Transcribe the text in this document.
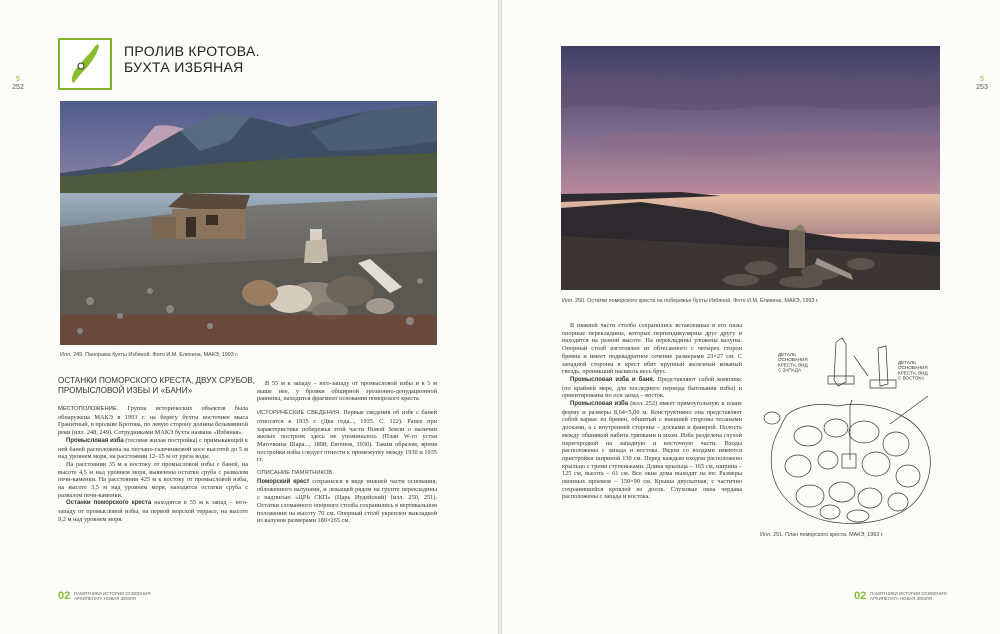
5
252
ПРОЛИВ КРОТОВА.
БУХТА ИЗБЯНАЯ
Илл. 249. Панорама бухты Избяной. Фото И.М. Елихина, МАКЭ, 1993 г.
ОСТАНКИ ПОМОРСКОГО КРЕСТА, ДВУХ СРУБОВ, ПРОМЫСЛОВОЙ ИЗБЫ И «БАНИ»

МЕСТОПОЛОЖЕНИЕ. Группа исторических объектов была обнаружена МАКЭ в 1993 г. на берегу бухты восточнее мыса Гранитный, в проливе Кротова, по левую сторону долины безымянной реки (илл. 248, 249). Сотрудниками МАКЭ бухта названа «Избяная».

Промысловая изба (тесовая жилая постройка) с примыкающей к ней баней расположена на песчано-галечниковой косе высотой до 5 м над уровнем моря, на расстоянии 12–15 м от уреза воды.

На расстоянии 35 м к востоку от промысловой избы с баней, на высоте 4,5 м над уровнем моря, выявлены остатки сруба с развалом печи-каменки. На расстоянии 425 м к востоку от промысловой избы, на высоте 3,5 м над уровнем моря, находятся остатки сруба с развалом печи-каменки.

Останки поморского креста находятся в 55 м к запад – юго-западу от промысловой избы, на первой морской террасе, на высоте 9,2 м над уровнем моря.

В 55 м к западу – юго-западу от промысловой избы и в 5 м выше нее, у бровки обширной эрозионно-денудационной равнины, находится фрагмент основания поморского креста.

ИСТОРИЧЕСКИЕ СВЕДЕНИЯ. Первые сведения об избе с баней относятся к 1935 г. (Два года..., 1935. С. 122). Ранее при характеристике побережья этой части Новой Земли о наличии жилых построек здесь не упоминалось (План W-го устья Маточкина Шара..., 1898; Евгенов, 1930). Таким образом, время постройки избы следует отнести к промежутку между 1930 и 1935 гг.

ОПИСАНИЕ ПАМЯТНИКОВ.

Поморский крест сохранился в виде нижней части основания, обложенного валунами, и лежащей рядом на грунте перекладины с надписью «ЦРЬ СКП» (Царь Иудейский) (илл. 250, 251). Остатки сломанного опорного столба сохранились в вертикальном положении на высоту 70 см. Опорный столб укреплен выкладкой из валунов размерами 180×265 см.

02 ПАМЯТНИКИ ИСТОРИИ ОСВОЕНИЯ
АРХИПЕЛАГА НОВАЯ ЗЕМЛЯ
5
253
Илл. 250. Остатки поморского креста на побережье бухты Избяной. Фото И.М. Елихина, МАКЭ, 1993 г.

В нижней части столба сохранились вставленные в его пазы опорные перекладины, которые перпендикулярны друг другу и находятся на разной высоте. На перекладины уложены валуны. Опорный столб изготовлен из обтесанного с четырех сторон бревна и имеет подквадратное сечение размерами 23×27 см. С западной стороны в крест вбит крупный железный кованый гвоздь, проникший насквозь весь брус.

Промысловая изба и баня. Представляют собой комплекс (по крайней мере, для последнего периода бытования избы) и ориентированы по оси запад – восток.

Промысловая изба (илл. 252) имеет прямоугольную в плане форму и размеры 8,64×5,00 м. Конструктивно она представляет собой каркас из бревен, обшитый с внешней стороны тесаными досками, а с внутренней стороны – досками и фанерой. Полость между обшивкой набита тряпками и мхом. Изба разделена глухой перегородкой на западную и восточную части. Входы расположены с запада и востока. Рядом со входами имеются пристройки шириной 130 см. Перед каждым входом расположено крыльцо с тремя ступеньками. Длина крыльца – 165 см, ширина – 125 см, высота – 61 см. Все окна дома выходят на юг. Размеры оконных проемов – 150×90 см. Крыша двускатная, с частично сохранившейся кровлей из досок. Слуховые окна чердака расположены с запада и востока.

ДЕТАЛЬ ОСНОВАНИЯ КРЕСТА, ВИД С ЗАПАДА
ДЕТАЛЬ ОСНОВАНИЯ КРЕСТА, ВИД С ВОСТОКА
Илл. 251. План поморского креста. МАКЭ, 1993 г.
02 ПАМЯТНИКИ ИСТОРИИ ОСВОЕНИЯ
АРХИПЕЛАГА НОВАЯ ЗЕМЛЯ
